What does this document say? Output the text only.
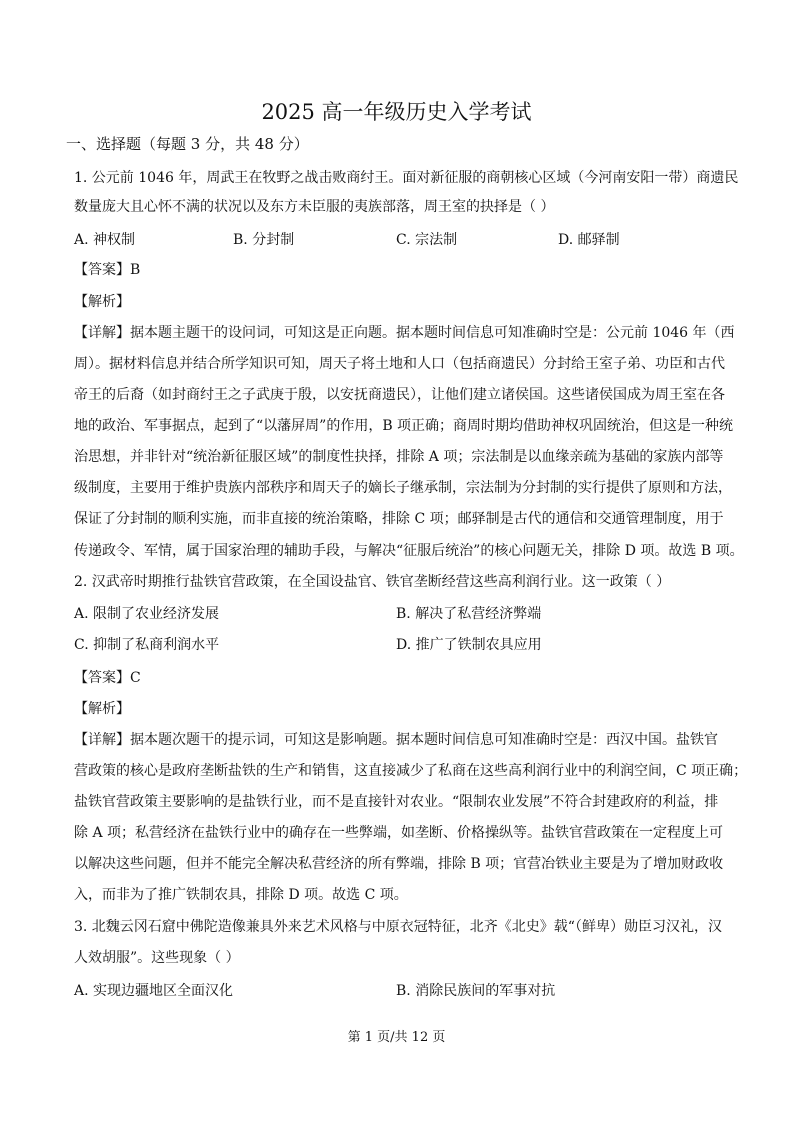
2025 高一年级历史入学考试
一、选择题（每题 3 分，共 48 分）
1. 公元前 1046 年，周武王在牧野之战击败商纣王。面对新征服的商朝核心区域（今河南安阳一带）商遗民
数量庞大且心怀不满的状况以及东方未臣服的夷族部落，周王室的抉择是（ ）
A. 神权制	B. 分封制	C. 宗法制	D. 邮驿制
【答案】B
【解析】
【详解】据本题主题干的设问词，可知这是正向题。据本题时间信息可知准确时空是：公元前 1046 年（西
周）。据材料信息并结合所学知识可知，周天子将土地和人口（包括商遗民）分封给王室子弟、功臣和古代
帝王的后裔（如封商纣王之子武庚于殷，以安抚商遗民），让他们建立诸侯国。这些诸侯国成为周王室在各
地的政治、军事据点，起到了“以藩屏周”的作用，B 项正确；商周时期均借助神权巩固统治，但这是一种统
治思想，并非针对“统治新征服区域”的制度性抉择，排除 A 项；宗法制是以血缘亲疏为基础的家族内部等
级制度，主要用于维护贵族内部秩序和周天子的嫡长子继承制，宗法制为分封制的实行提供了原则和方法，
保证了分封制的顺利实施，而非直接的统治策略，排除 C 项；邮驿制是古代的通信和交通管理制度，用于
传递政令、军情，属于国家治理的辅助手段，与解决“征服后统治”的核心问题无关，排除 D 项。故选 B 项。
2. 汉武帝时期推行盐铁官营政策，在全国设盐官、铁官垄断经营这些高利润行业。这一政策（ ）
A. 限制了农业经济发展	B. 解决了私营经济弊端
C. 抑制了私商利润水平	D. 推广了铁制农具应用
【答案】C
【解析】
【详解】据本题次题干的提示词，可知这是影响题。据本题时间信息可知准确时空是：西汉中国。盐铁官
营政策的核心是政府垄断盐铁的生产和销售，这直接减少了私商在这些高利润行业中的利润空间，C 项正确；
盐铁官营政策主要影响的是盐铁行业，而不是直接针对农业。“限制农业发展”不符合封建政府的利益，排
除 A 项；私营经济在盐铁行业中的确存在一些弊端，如垄断、价格操纵等。盐铁官营政策在一定程度上可
以解决这些问题，但并不能完全解决私营经济的所有弊端，排除 B 项；官营冶铁业主要是为了增加财政收
入，而非为了推广铁制农具，排除 D 项。故选 C 项。
3. 北魏云冈石窟中佛陀造像兼具外来艺术风格与中原衣冠特征，北齐《北史》载“（鲜卑）勋臣习汉礼，汉
人效胡服”。这些现象（ ）
A. 实现边疆地区全面汉化	B. 消除民族间的军事对抗
第 1 页/共 12 页
